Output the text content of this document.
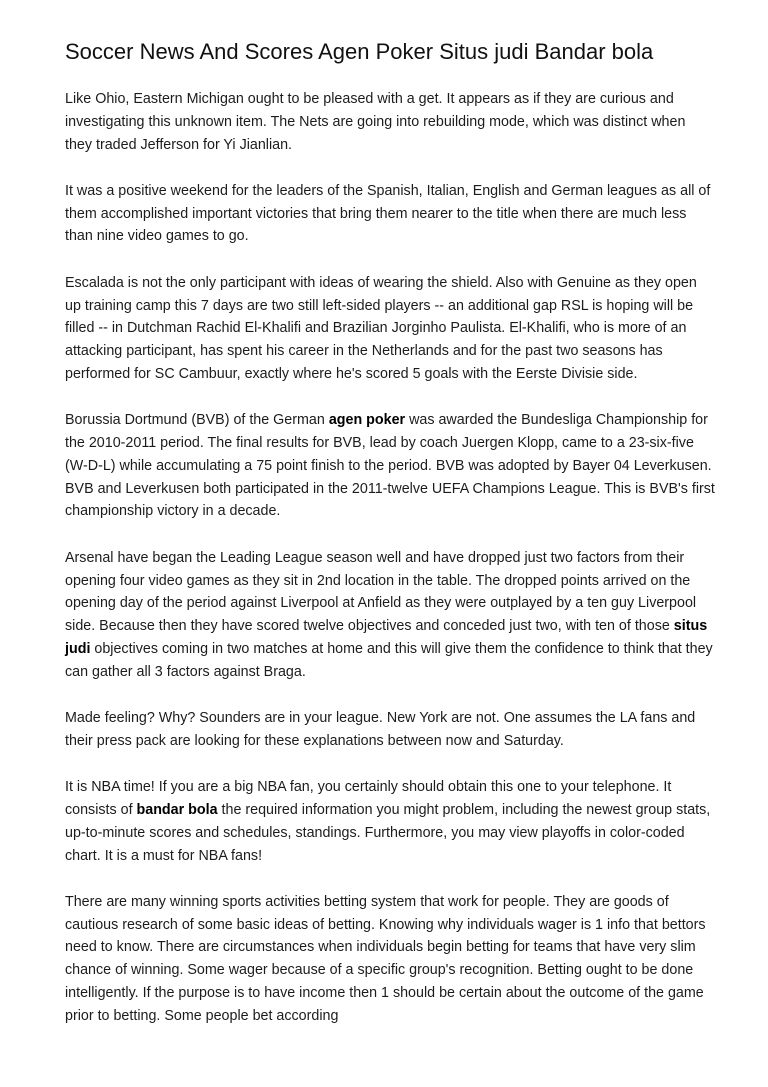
Soccer News And Scores Agen Poker Situs judi Bandar bola

Like Ohio, Eastern Michigan ought to be pleased with a get. It appears as if they are curious and investigating this unknown item. The Nets are going into rebuilding mode, which was distinct when they traded Jefferson for Yi Jianlian.

It was a positive weekend for the leaders of the Spanish, Italian, English and German leagues as all of them accomplished important victories that bring them nearer to the title when there are much less than nine video games to go.

Escalada is not the only participant with ideas of wearing the shield. Also with Genuine as they open up training camp this 7 days are two still left-sided players -- an additional gap RSL is hoping will be filled -- in Dutchman Rachid El-Khalifi and Brazilian Jorginho Paulista. El-Khalifi, who is more of an attacking participant, has spent his career in the Netherlands and for the past two seasons has performed for SC Cambuur, exactly where he's scored 5 goals with the Eerste Divisie side.

Borussia Dortmund (BVB) of the German agen poker was awarded the Bundesliga Championship for the 2010-2011 period. The final results for BVB, lead by coach Juergen Klopp, came to a 23-six-five (W-D-L) while accumulating a 75 point finish to the period. BVB was adopted by Bayer 04 Leverkusen. BVB and Leverkusen both participated in the 2011-twelve UEFA Champions League. This is BVB's first championship victory in a decade.

Arsenal have began the Leading League season well and have dropped just two factors from their opening four video games as they sit in 2nd location in the table. The dropped points arrived on the opening day of the period against Liverpool at Anfield as they were outplayed by a ten guy Liverpool side. Because then they have scored twelve objectives and conceded just two, with ten of those situs judi objectives coming in two matches at home and this will give them the confidence to think that they can gather all 3 factors against Braga.

Made feeling? Why? Sounders are in your league. New York are not. One assumes the LA fans and their press pack are looking for these explanations between now and Saturday.

It is NBA time! If you are a big NBA fan, you certainly should obtain this one to your telephone. It consists of bandar bola the required information you might problem, including the newest group stats, up-to-minute scores and schedules, standings. Furthermore, you may view playoffs in color-coded chart. It is a must for NBA fans!

There are many winning sports activities betting system that work for people. They are goods of cautious research of some basic ideas of betting. Knowing why individuals wager is 1 info that bettors need to know. There are circumstances when individuals begin betting for teams that have very slim chance of winning. Some wager because of a specific group's recognition. Betting ought to be done intelligently. If the purpose is to have income then 1 should be certain about the outcome of the game prior to betting. Some people bet according
